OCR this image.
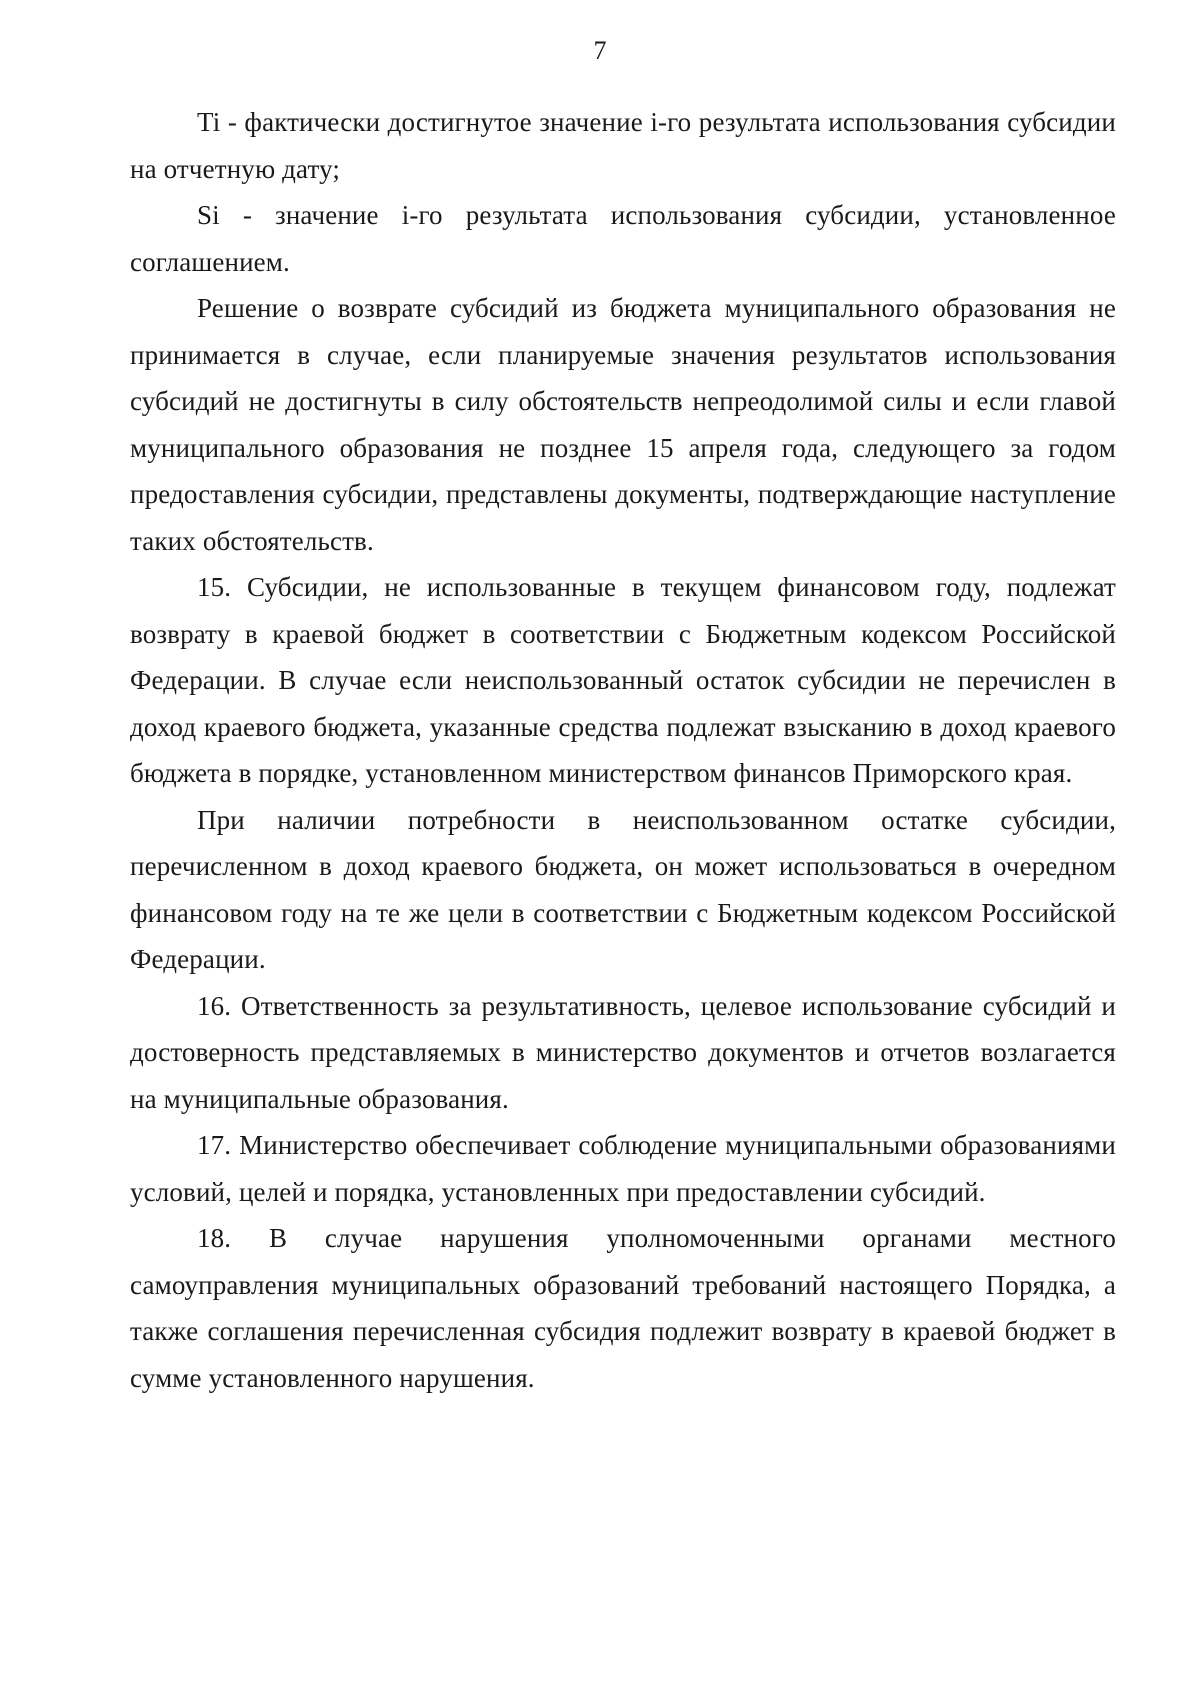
7

Ti - фактически достигнутое значение i-го результата использования субсидии на отчетную дату;

Si - значение i-го результата использования субсидии, установленное соглашением.

Решение о возврате субсидий из бюджета муниципального образования не принимается в случае, если планируемые значения результатов использования субсидий не достигнуты в силу обстоятельств непреодолимой силы и если главой муниципального образования не позднее 15 апреля года, следующего за годом предоставления субсидии, представлены документы, подтверждающие наступление таких обстоятельств.

15. Субсидии, не использованные в текущем финансовом году, подлежат возврату в краевой бюджет в соответствии с Бюджетным кодексом Российской Федерации. В случае если неиспользованный остаток субсидии не перечислен в доход краевого бюджета, указанные средства подлежат взысканию в доход краевого бюджета в порядке, установленном министерством финансов Приморского края.

При наличии потребности в неиспользованном остатке субсидии, перечисленном в доход краевого бюджета, он может использоваться в очередном финансовом году на те же цели в соответствии с Бюджетным кодексом Российской Федерации.

16. Ответственность за результативность, целевое использование субсидий и достоверность представляемых в министерство документов и отчетов возлагается на муниципальные образования.

17. Министерство обеспечивает соблюдение муниципальными образованиями условий, целей и порядка, установленных при предоставлении субсидий.

18. В случае нарушения уполномоченными органами местного самоуправления муниципальных образований требований настоящего Порядка, а также соглашения перечисленная субсидия подлежит возврату в краевой бюджет в сумме установленного нарушения.
